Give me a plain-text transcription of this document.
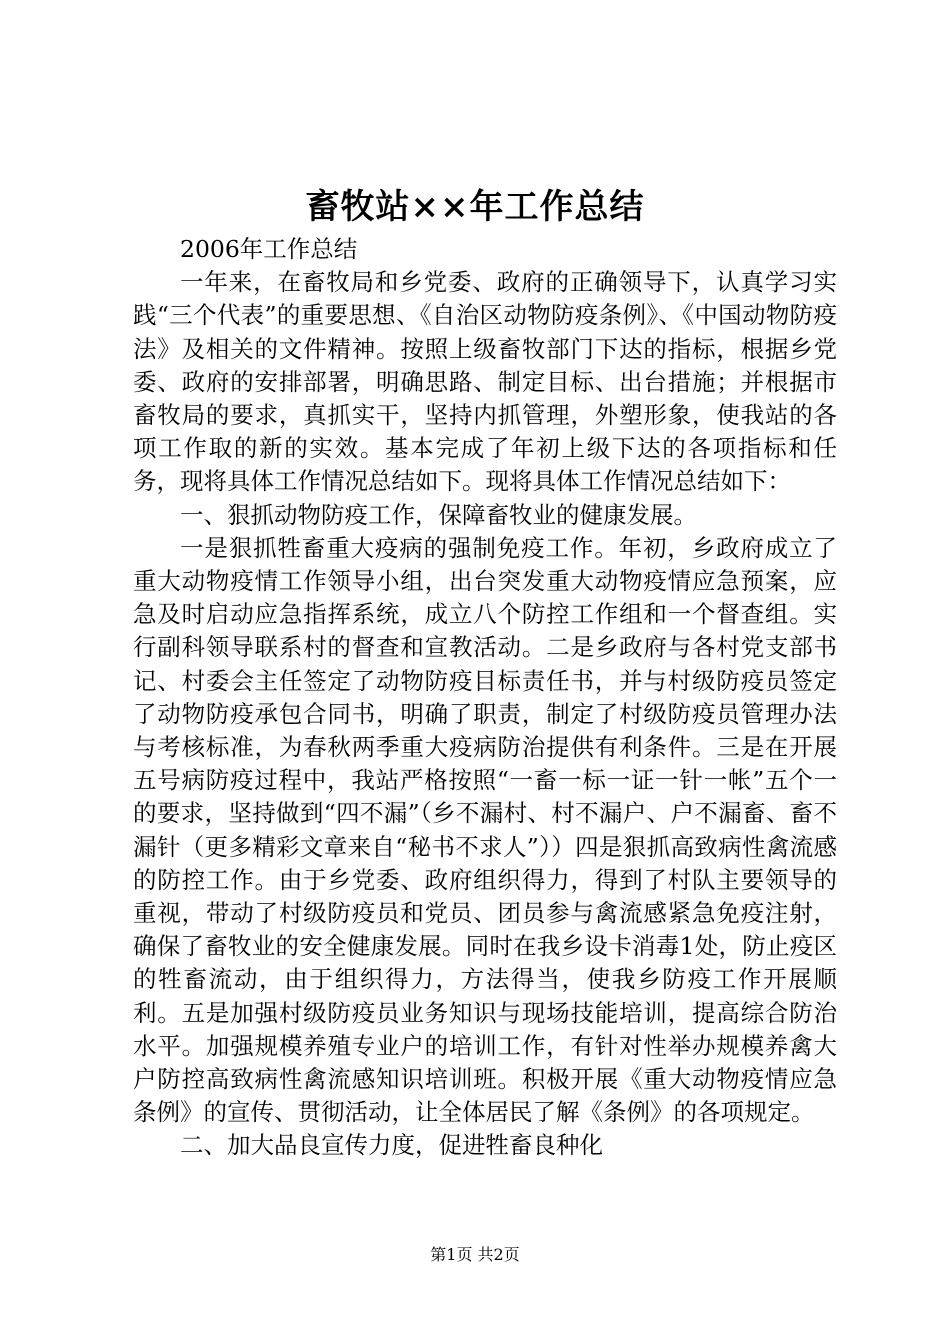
畜牧站××年工作总结

2006年工作总结

一年来，在畜牧局和乡党委、政府的正确领导下，认真学习实践“三个代表”的重要思想、《自治区动物防疫条例》、《中国动物防疫法》及相关的文件精神。按照上级畜牧部门下达的指标，根据乡党委、政府的安排部署，明确思路、制定目标、出台措施；并根据市畜牧局的要求，真抓实干，坚持内抓管理，外塑形象，使我站的各项工作取的新的实效。基本完成了年初上级下达的各项指标和任务，现将具体工作情况总结如下。现将具体工作情况总结如下：

一、狠抓动物防疫工作，保障畜牧业的健康发展。

一是狠抓牲畜重大疫病的强制免疫工作。年初，乡政府成立了重大动物疫情工作领导小组，出台突发重大动物疫情应急预案，应急及时启动应急指挥系统，成立八个防控工作组和一个督查组。实行副科领导联系村的督查和宣教活动。二是乡政府与各村党支部书记、村委会主任签定了动物防疫目标责任书，并与村级防疫员签定了动物防疫承包合同书，明确了职责，制定了村级防疫员管理办法与考核标准，为春秋两季重大疫病防治提供有利条件。三是在开展五号病防疫过程中，我站严格按照“一畜一标一证一针一帐”五个一的要求，坚持做到“四不漏”（乡不漏村、村不漏户、户不漏畜、畜不漏针（更多精彩文章来自“秘书不求人”））四是狠抓高致病性禽流感的防控工作。由于乡党委、政府组织得力，得到了村队主要领导的重视，带动了村级防疫员和党员、团员参与禽流感紧急免疫注射，确保了畜牧业的安全健康发展。同时在我乡设卡消毒1处，防止疫区的牲畜流动，由于组织得力，方法得当，使我乡防疫工作开展顺利。五是加强村级防疫员业务知识与现场技能培训，提高综合防治水平。加强规模养殖专业户的培训工作，有针对性举办规模养禽大户防控高致病性禽流感知识培训班。积极开展《重大动物疫情应急条例》的宣传、贯彻活动，让全体居民了解《条例》的各项规定。

二、加大品良宣传力度，促进牲畜良种化

第1页 共2页
